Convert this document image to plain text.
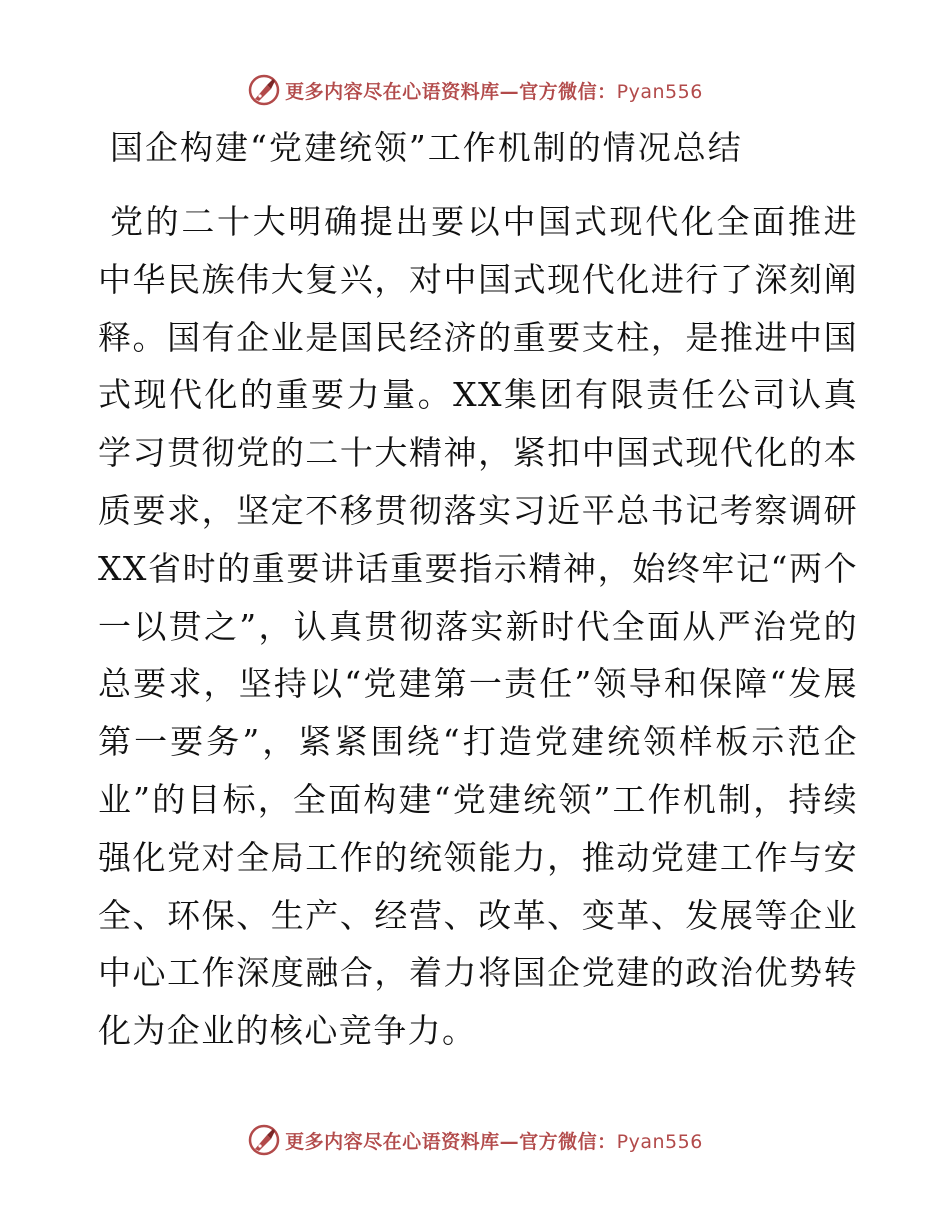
更多内容尽在心语资料库—官方微信：Pyan556
国企构建“党建统领”工作机制的情况总结

党的二十大明确提出要以中国式现代化全面推进中华民族伟大复兴，对中国式现代化进行了深刻阐释。国有企业是国民经济的重要支柱，是推进中国式现代化的重要力量。XX集团有限责任公司认真学习贯彻党的二十大精神，紧扣中国式现代化的本质要求，坚定不移贯彻落实习近平总书记考察调研XX省时的重要讲话重要指示精神，始终牢记“两个一以贯之”，认真贯彻落实新时代全面从严治党的总要求，坚持以“党建第一责任”领导和保障“发展第一要务”，紧紧围绕“打造党建统领样板示范企业”的目标，全面构建“党建统领”工作机制，持续强化党对全局工作的统领能力，推动党建工作与安全、环保、生产、经营、改革、变革、发展等企业中心工作深度融合，着力将国企党建的政治优势转化为企业的核心竞争力。

更多内容尽在心语资料库—官方微信：Pyan556
